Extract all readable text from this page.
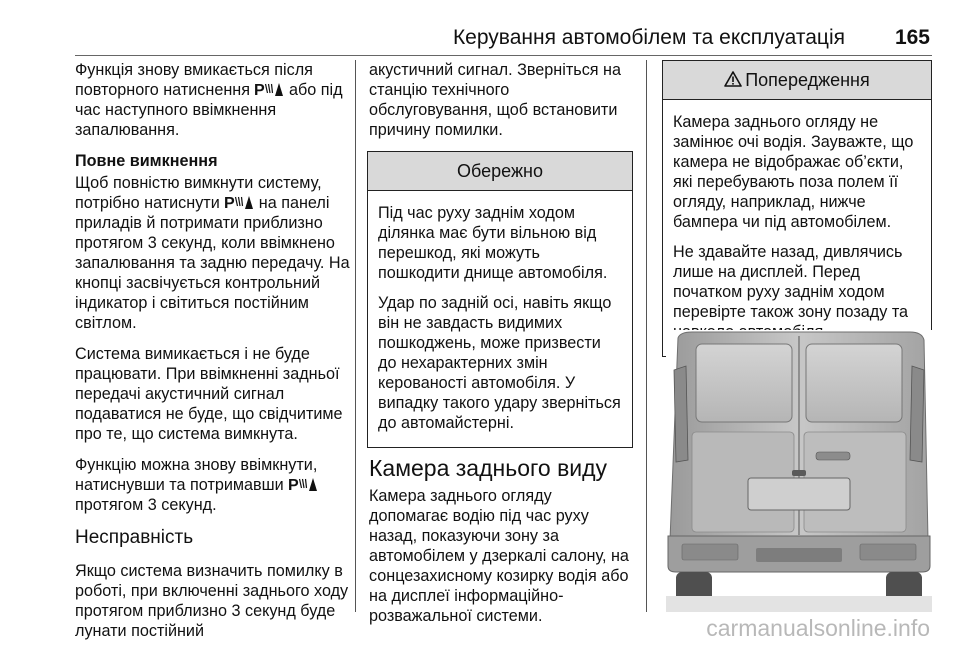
Керування автомобілем та експлуатація	165

Функція знову вмикається після повторного натиснення P або під час наступного ввімкнення запалювання.

Повне вимкнення

Щоб повністю вимкнути систему, потрібно натиснути P на панелі приладів й потримати приблизно протягом 3 секунд, коли ввімкнено запалювання та задню передачу. На кнопці засвічується контрольний індикатор і світиться постійним світлом.

Система вимикається і не буде працювати. При ввімкненні задньої передачі акустичний сигнал подаватися не буде, що свідчитиме про те, що система вимкнута.

Функцію можна знову ввімкнути, натиснувши та потримавши P
протягом 3 секунд.

Несправність

Якщо система визначить помилку в роботі, при включенні заднього ходу протягом приблизно 3 секунд буде лунати постійний

акустичний сигнал. Зверніться на станцію технічного обслуговування, щоб встановити причину помилки.

Обережно

Під час руху заднім ходом ділянка має бути вільною від перешкод, які можуть пошкодити днище автомобіля.

Удар по задній осі, навіть якщо він не завдасть видимих пошкоджень, може призвести до нехарактерних змін керованості автомобіля. У випадку такого удару зверніться до автомайстерні.

Камера заднього виду

Камера заднього огляду допомагає водію під час руху назад, показуючи зону за автомобілем у дзеркалі салону, на сонцезахисному козирку водія або на дисплеї інформаційно-розважальної системи.

Попередження

Камера заднього огляду не замінює очі водія. Зауважте, що камера не відображає об’єкти, які перебувають поза полем її огляду, наприклад, нижче бампера чи під автомобілем.

Не здавайте назад, дивлячись лише на дисплей. Перед початком руху заднім ходом перевірте також зону позаду та

carmanualsonline.info
